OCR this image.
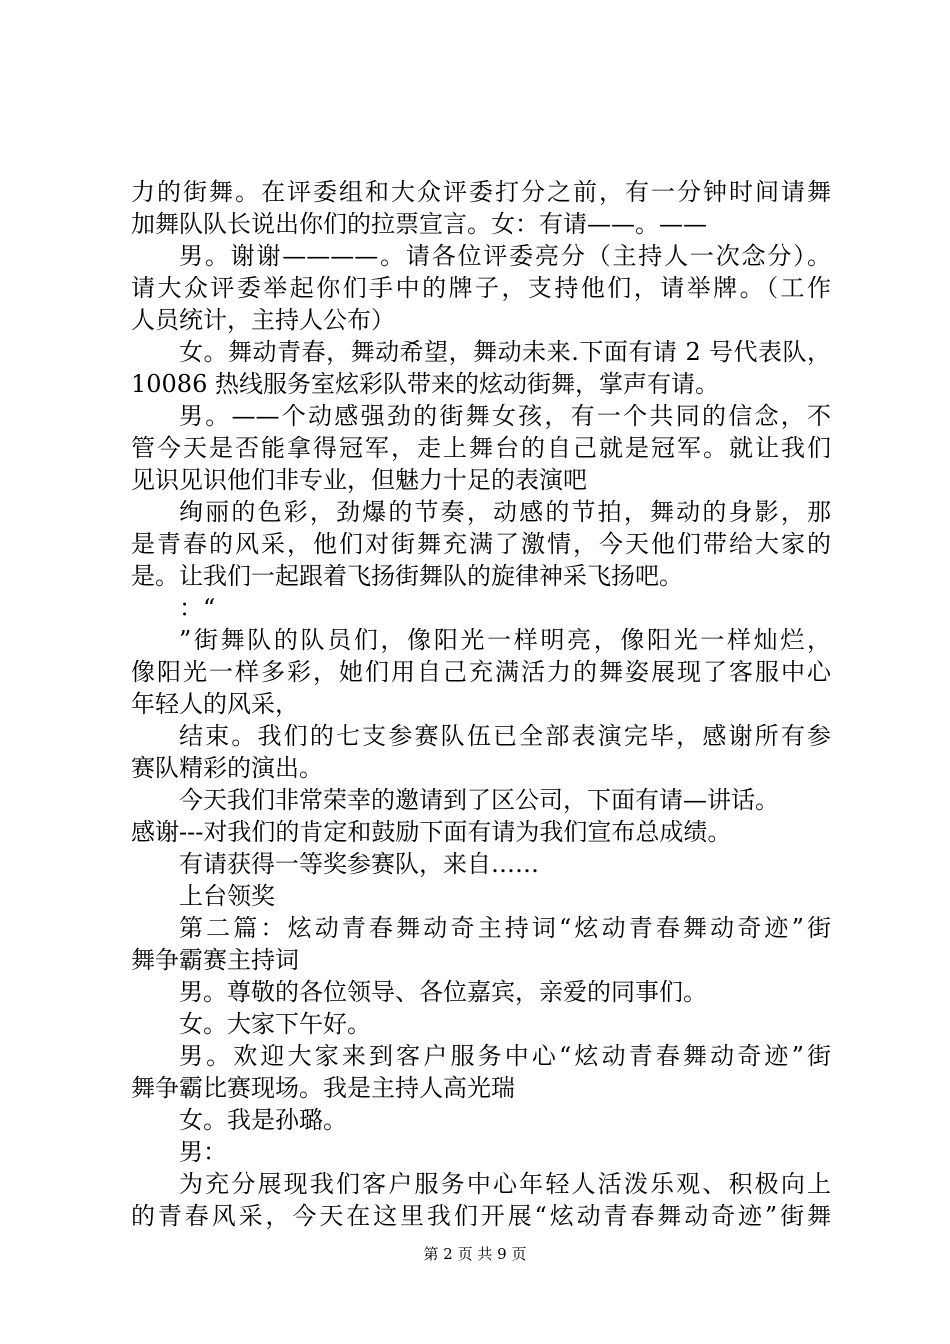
力的街舞。在评委组和大众评委打分之前，有一分钟时间请舞
加舞队队长说出你们的拉票宣言。女：有请——。——
男。谢谢————。请各位评委亮分（主持人一次念分）。
请大众评委举起你们手中的牌子，支持他们，请举牌。（工作
人员统计，主持人公布）
女。舞动青春，舞动希望，舞动未来.下面有请 2 号代表队，
10086 热线服务室炫彩队带来的炫动街舞，掌声有请。
男。——个动感强劲的街舞女孩，有一个共同的信念，不
管今天是否能拿得冠军，走上舞台的自己就是冠军。就让我们
见识见识他们非专业，但魅力十足的表演吧
绚丽的色彩，劲爆的节奏，动感的节拍，舞动的身影，那
是青春的风采，他们对街舞充满了激情，今天他们带给大家的
是。让我们一起跟着飞扬街舞队的旋律神采飞扬吧。
：“
”街舞队的队员们，像阳光一样明亮，像阳光一样灿烂，
像阳光一样多彩，她们用自己充满活力的舞姿展现了客服中心
年轻人的风采，
结束。我们的七支参赛队伍已全部表演完毕，感谢所有参
赛队精彩的演出。
今天我们非常荣幸的邀请到了区公司，下面有请—讲话。
感谢---对我们的肯定和鼓励下面有请为我们宣布总成绩。
有请获得一等奖参赛队，来自……
上台领奖
第二篇：炫动青春舞动奇主持词“炫动青春舞动奇迹”街
舞争霸赛主持词
男。尊敬的各位领导、各位嘉宾，亲爱的同事们。
女。大家下午好。
男。欢迎大家来到客户服务中心“炫动青春舞动奇迹”街
舞争霸比赛现场。我是主持人高光瑞
女。我是孙璐。
男：
为充分展现我们客户服务中心年轻人活泼乐观、积极向上
的青春风采，今天在这里我们开展“炫动青春舞动奇迹”街舞
第 2 页 共 9 页
